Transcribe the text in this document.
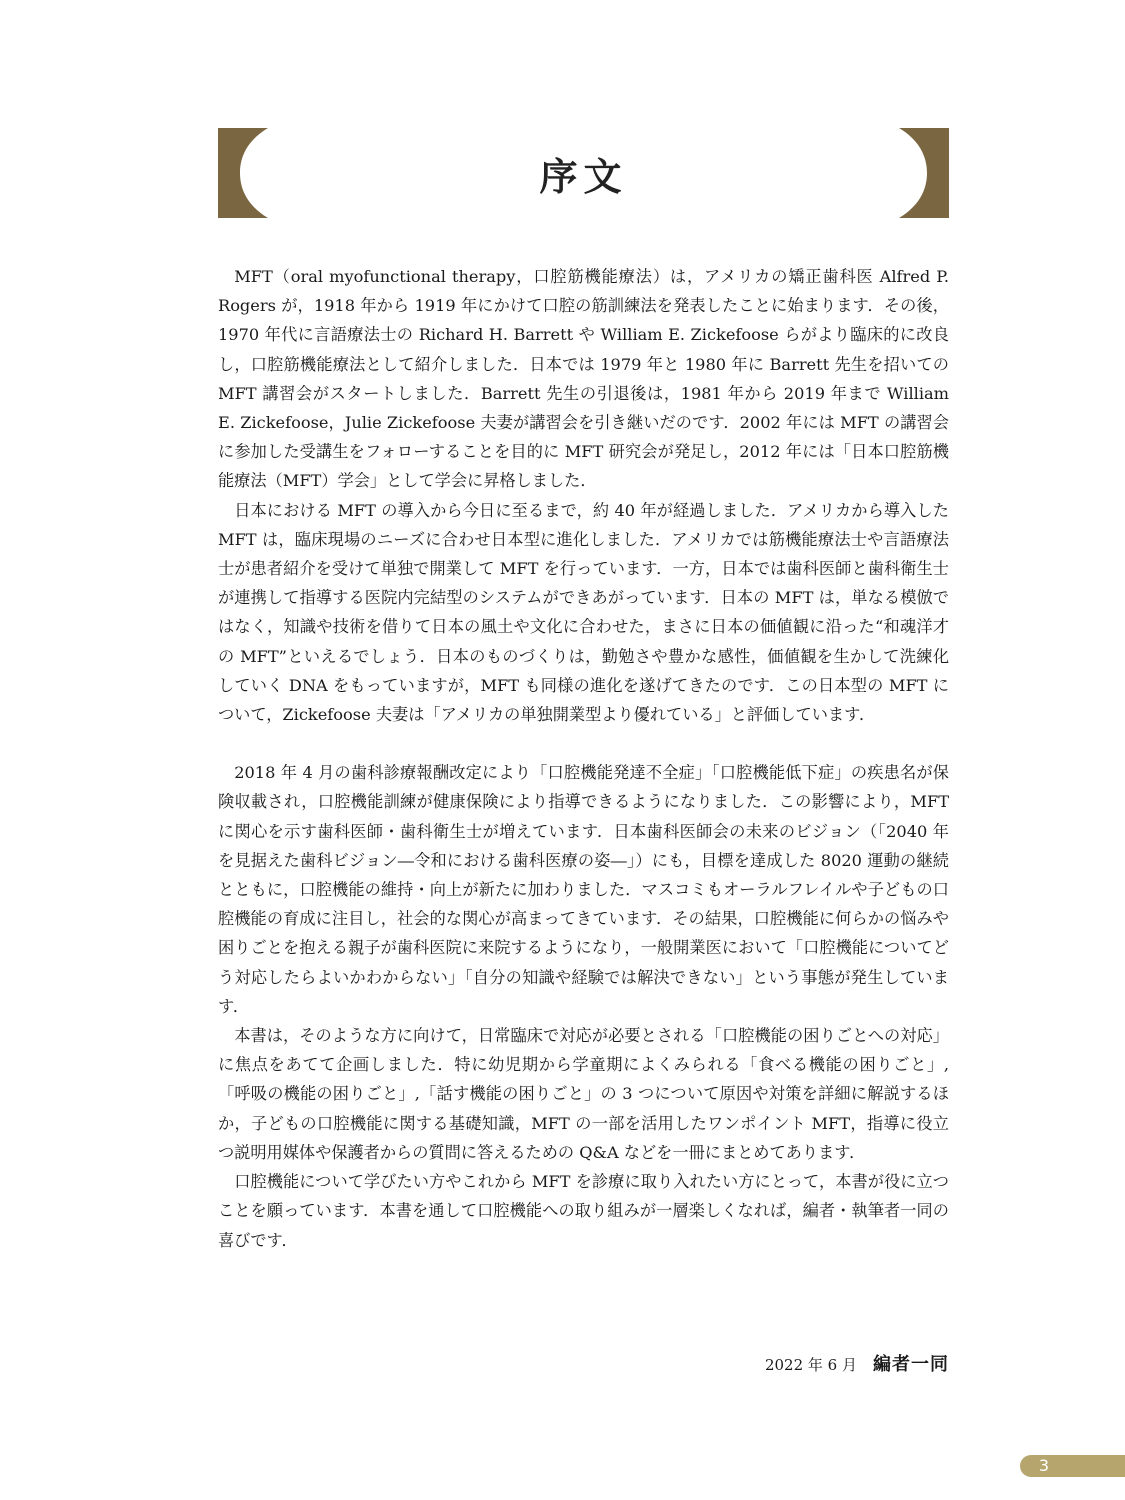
序文

MFT（oral myofunctional therapy，口腔筋機能療法）は，アメリカの矯正歯科医 Alfred P. Rogers が，1918 年から 1919 年にかけて口腔の筋訓練法を発表したことに始まります．その後，1970 年代に言語療法士の Richard H. Barrett や William E. Zickefoose らがより臨床的に改良し，口腔筋機能療法として紹介しました．日本では 1979 年と 1980 年に Barrett 先生を招いての MFT 講習会がスタートしました．Barrett 先生の引退後は，1981 年から 2019 年まで William E. Zickefoose，Julie Zickefoose 夫妻が講習会を引き継いだのです．2002 年には MFT の講習会に参加した受講生をフォローすることを目的に MFT 研究会が発足し，2012 年には「日本口腔筋機能療法（MFT）学会」として学会に昇格しました．

日本における MFT の導入から今日に至るまで，約 40 年が経過しました．アメリカから導入した MFT は，臨床現場のニーズに合わせ日本型に進化しました．アメリカでは筋機能療法士や言語療法士が患者紹介を受けて単独で開業して MFT を行っています．一方，日本では歯科医師と歯科衛生士が連携して指導する医院内完結型のシステムができあがっています．日本の MFT は，単なる模倣ではなく，知識や技術を借りて日本の風土や文化に合わせた，まさに日本の価値観に沿った“和魂洋才の MFT”といえるでしょう．日本のものづくりは，勤勉さや豊かな感性，価値観を生かして洗練化していく DNA をもっていますが，MFT も同様の進化を遂げてきたのです．この日本型の MFT について，Zickefoose 夫妻は「アメリカの単独開業型より優れている」と評価しています．

2018 年 4 月の歯科診療報酬改定により「口腔機能発達不全症」「口腔機能低下症」の疾患名が保険収載され，口腔機能訓練が健康保険により指導できるようになりました．この影響により，MFT に関心を示す歯科医師・歯科衛生士が増えています．日本歯科医師会の未来のビジョン（「2040 年を見据えた歯科ビジョン―令和における歯科医療の姿―」）にも，目標を達成した 8020 運動の継続とともに，口腔機能の維持・向上が新たに加わりました．マスコミもオーラルフレイルや子どもの口腔機能の育成に注目し，社会的な関心が高まってきています．その結果，口腔機能に何らかの悩みや困りごとを抱える親子が歯科医院に来院するようになり，一般開業医において「口腔機能についてどう対応したらよいかわからない」「自分の知識や経験では解決できない」という事態が発生しています．

本書は，そのような方に向けて，日常臨床で対応が必要とされる「口腔機能の困りごとへの対応」に焦点をあてて企画しました．特に幼児期から学童期によくみられる「食べる機能の困りごと」,「呼吸の機能の困りごと」,「話す機能の困りごと」の 3 つについて原因や対策を詳細に解説するほか，子どもの口腔機能に関する基礎知識，MFT の一部を活用したワンポイント MFT，指導に役立つ説明用媒体や保護者からの質問に答えるための Q&A などを一冊にまとめてあります．

口腔機能について学びたい方やこれから MFT を診療に取り入れたい方にとって，本書が役に立つことを願っています．本書を通して口腔機能への取り組みが一層楽しくなれば，編者・執筆者一同の喜びです．

2022 年 6 月 編者一同
3
